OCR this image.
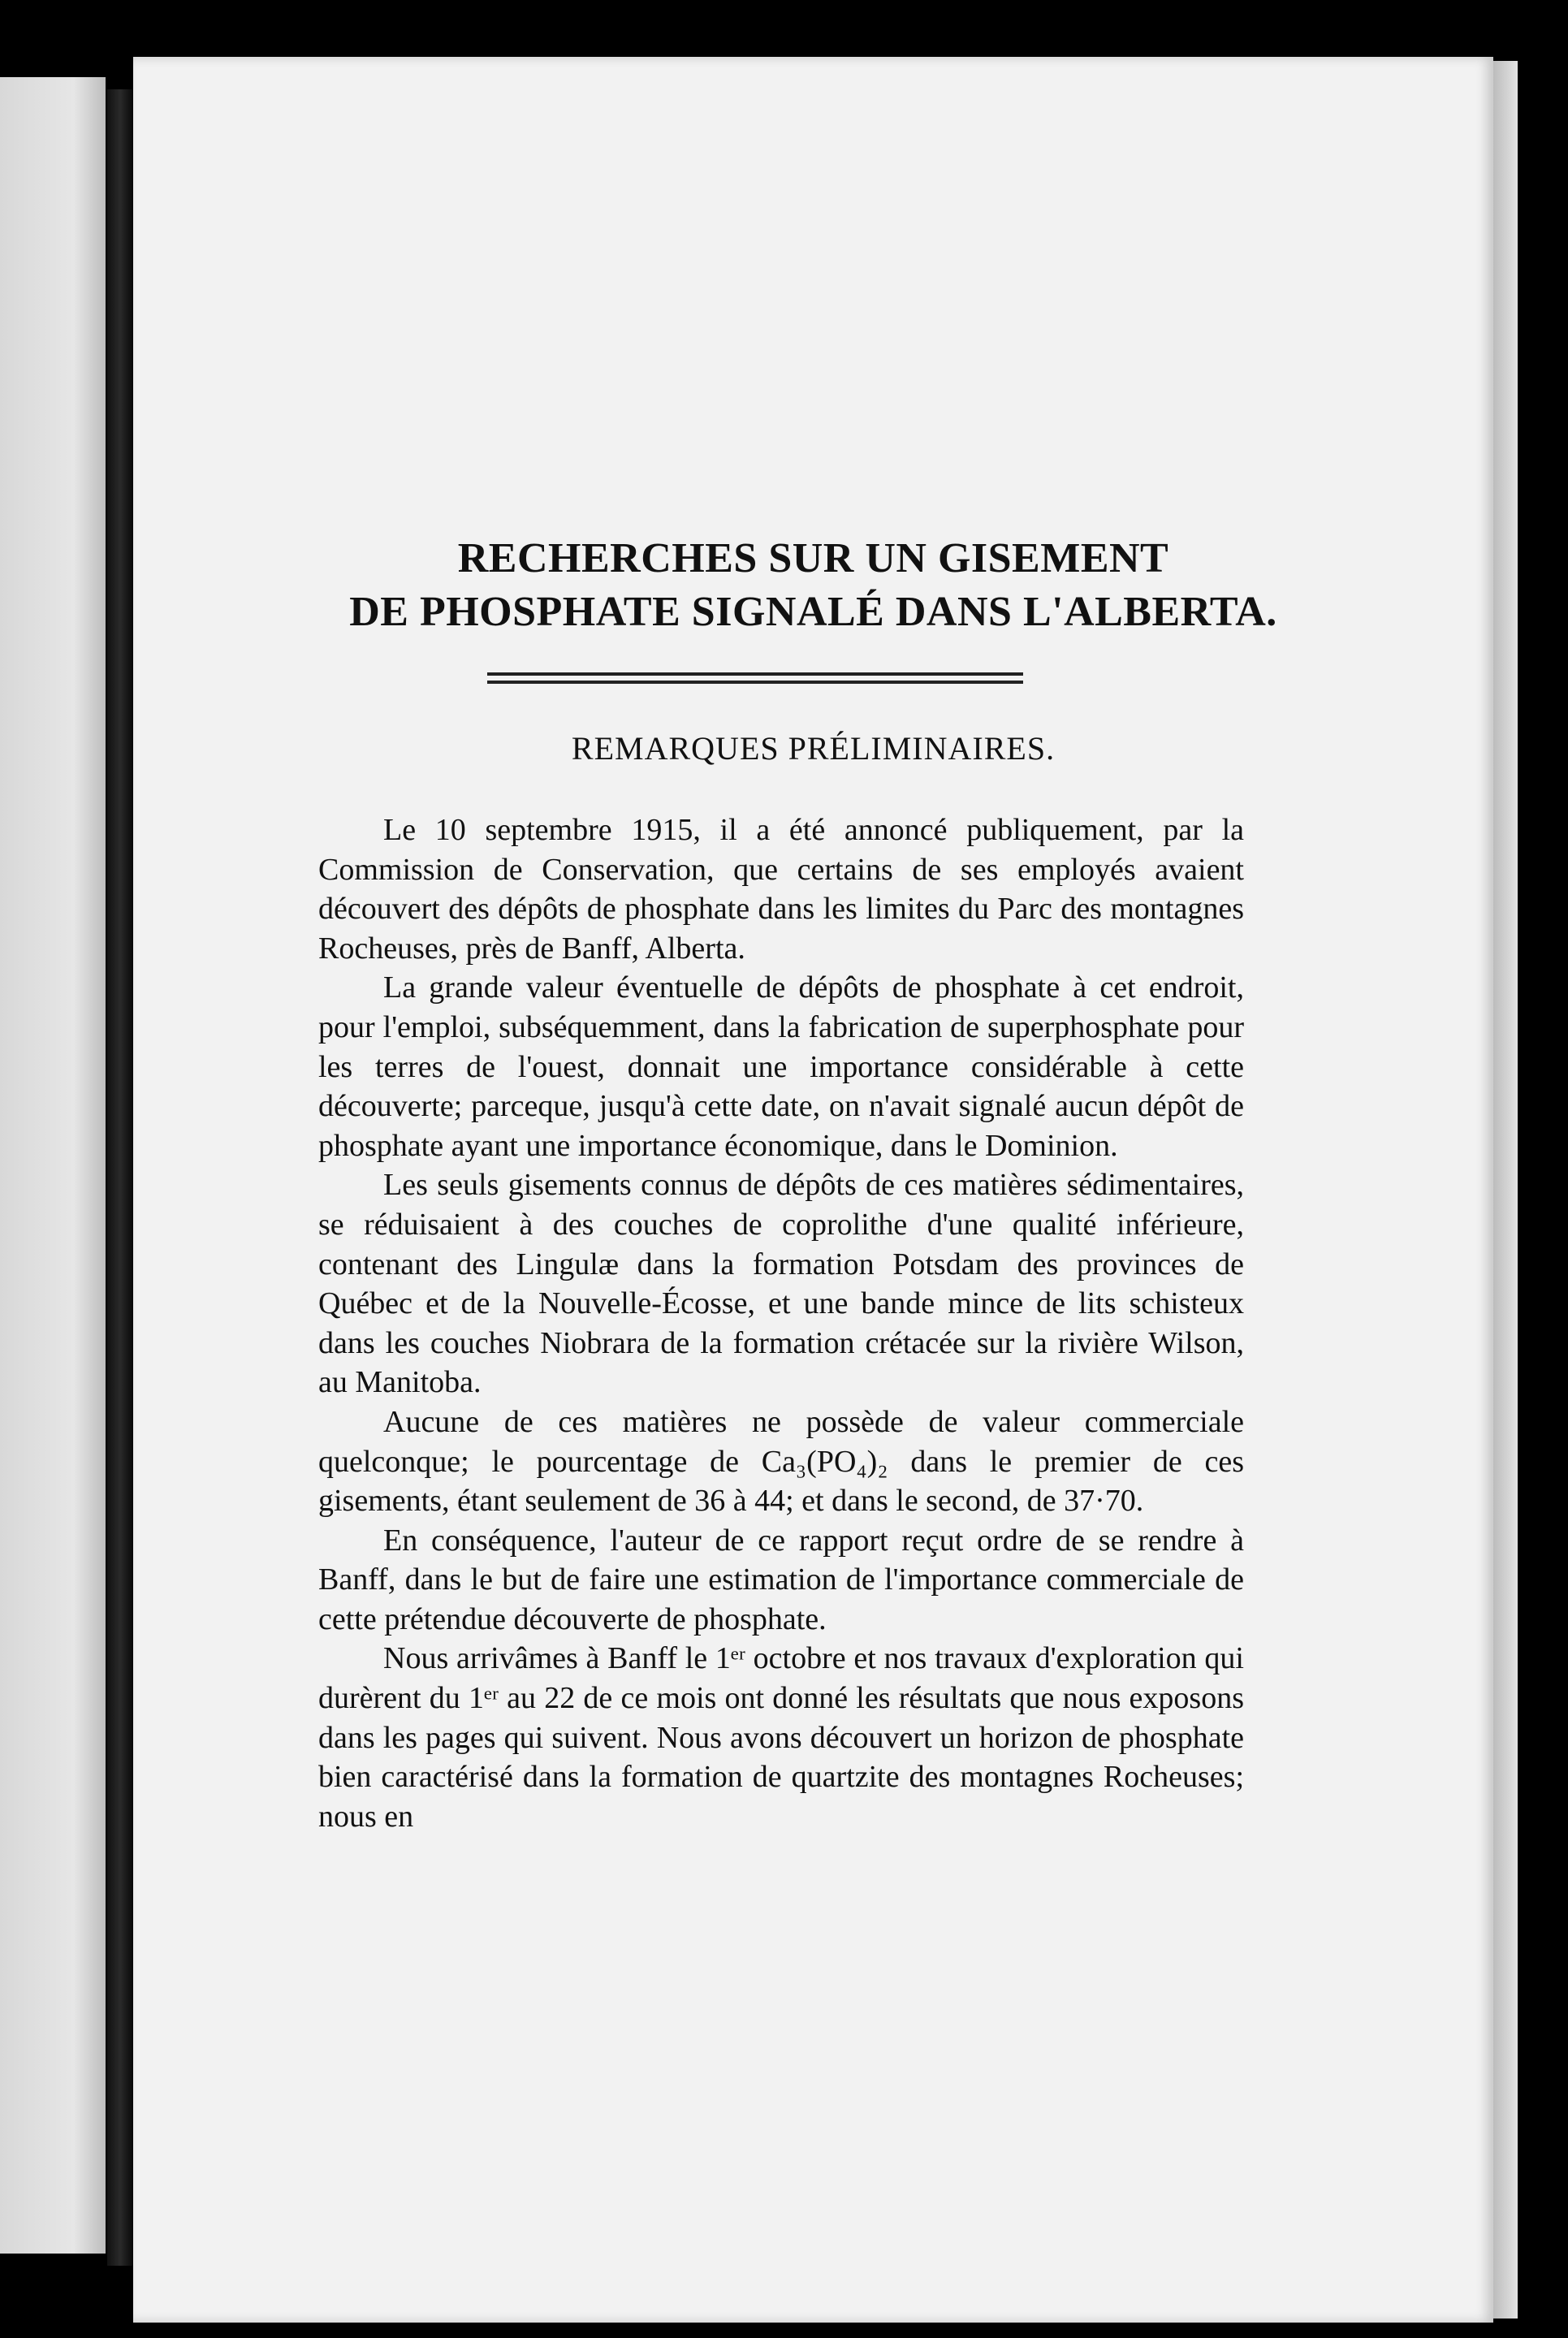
RECHERCHES SUR UN GISEMENT
DE PHOSPHATE SIGNALÉ DANS L'ALBERTA.
REMARQUES PRÉLIMINAIRES.

Le 10 septembre 1915, il a été annoncé publiquement, par la Commission de Conservation, que certains de ses employés avaient découvert des dépôts de phosphate dans les limites du Parc des montagnes Rocheuses, près de Banff, Alberta.

La grande valeur éventuelle de dépôts de phosphate à cet endroit, pour l'emploi, subséquemment, dans la fabrication de superphosphate pour les terres de l'ouest, donnait une importance considérable à cette découverte; parceque, jusqu'à cette date, on n'avait signalé aucun dépôt de phosphate ayant une importance économique, dans le Dominion.

Les seuls gisements connus de dépôts de ces matières sédimentaires, se réduisaient à des couches de coprolithe d'une qualité inférieure, contenant des Lingulæ dans la formation Potsdam des provinces de Québec et de la Nouvelle-Écosse, et une bande mince de lits schisteux dans les couches Niobrara de la formation crétacée sur la rivière Wilson, au Manitoba.

Aucune de ces matières ne possède de valeur commerciale quelconque; le pourcentage de Ca₃(PO₄)₂ dans le premier de ces gisements, étant seulement de 36 à 44; et dans le second, de 37·70.

En conséquence, l'auteur de ce rapport reçut ordre de se rendre à Banff, dans le but de faire une estimation de l'importance commerciale de cette prétendue découverte de phosphate.

Nous arrivâmes à Banff le 1ᵉʳ octobre et nos travaux d'exploration qui durèrent du 1ᵉʳ au 22 de ce mois ont donné les résultats que nous exposons dans les pages qui suivent. Nous avons découvert un horizon de phosphate bien caractérisé dans la formation de quartzite des montagnes Rocheuses; nous en
